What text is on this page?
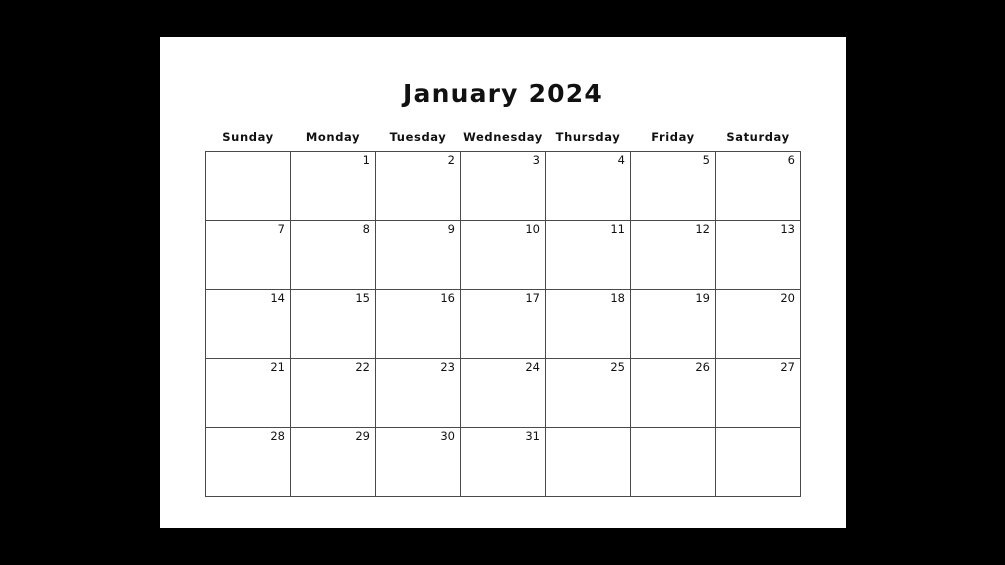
January 2024
Sunday	Monday	Tuesday	Wednesday	Thursday	Friday	Saturday

	1	2	3	4	5	6

7	8	9	10	11	12	13

14	15	16	17	18	19	20

21	22	23	24	25	26	27

28	29	30	31			
